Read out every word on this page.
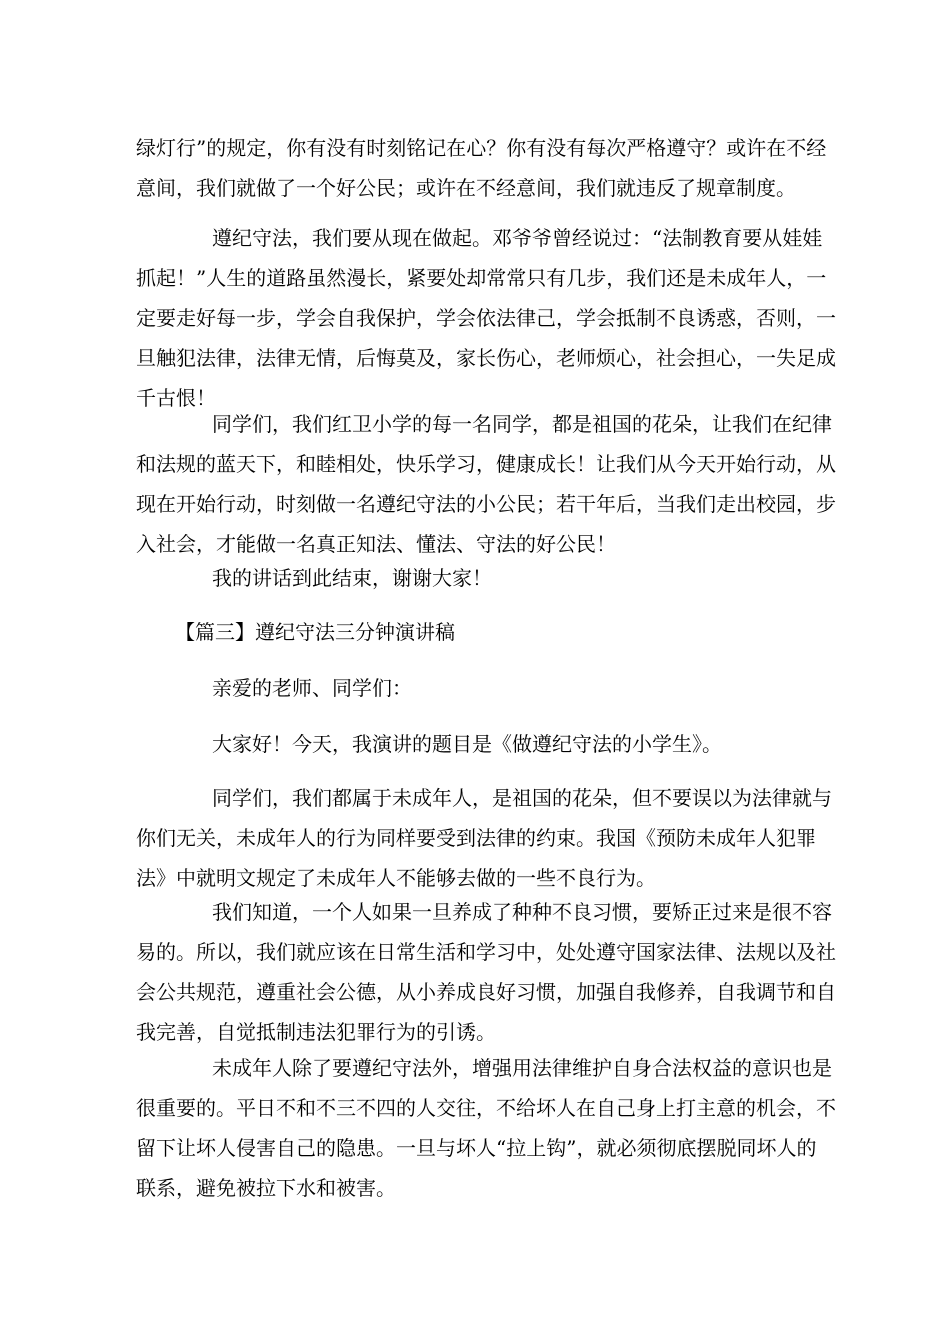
绿灯行”的规定，你有没有时刻铭记在心？你有没有每次严格遵守？或许在不经
意间，我们就做了一个好公民；或许在不经意间，我们就违反了规章制度。
遵纪守法，我们要从现在做起。邓爷爷曾经说过：“法制教育要从娃娃
抓起！”人生的道路虽然漫长，紧要处却常常只有几步，我们还是未成年人，一
定要走好每一步，学会自我保护，学会依法律己，学会抵制不良诱惑，否则，一
旦触犯法律，法律无情，后悔莫及，家长伤心，老师烦心，社会担心，一失足成
千古恨！
同学们，我们红卫小学的每一名同学，都是祖国的花朵，让我们在纪律
和法规的蓝天下，和睦相处，快乐学习，健康成长！让我们从今天开始行动，从
现在开始行动，时刻做一名遵纪守法的小公民；若干年后，当我们走出校园，步
入社会，才能做一名真正知法、懂法、守法的好公民！
我的讲话到此结束，谢谢大家！
【篇三】遵纪守法三分钟演讲稿
亲爱的老师、同学们：
大家好！今天，我演讲的题目是《做遵纪守法的小学生》。
同学们，我们都属于未成年人，是祖国的花朵，但不要误以为法律就与
你们无关，未成年人的行为同样要受到法律的约束。我国《预防未成年人犯罪
法》中就明文规定了未成年人不能够去做的一些不良行为。
我们知道，一个人如果一旦养成了种种不良习惯，要矫正过来是很不容
易的。所以，我们就应该在日常生活和学习中，处处遵守国家法律、法规以及社
会公共规范，遵重社会公德，从小养成良好习惯，加强自我修养，自我调节和自
我完善，自觉抵制违法犯罪行为的引诱。
未成年人除了要遵纪守法外，增强用法律维护自身合法权益的意识也是
很重要的。平日不和不三不四的人交往，不给坏人在自己身上打主意的机会，不
留下让坏人侵害自己的隐患。一旦与坏人“拉上钩”，就必须彻底摆脱同坏人的
联系，避免被拉下水和被害。
